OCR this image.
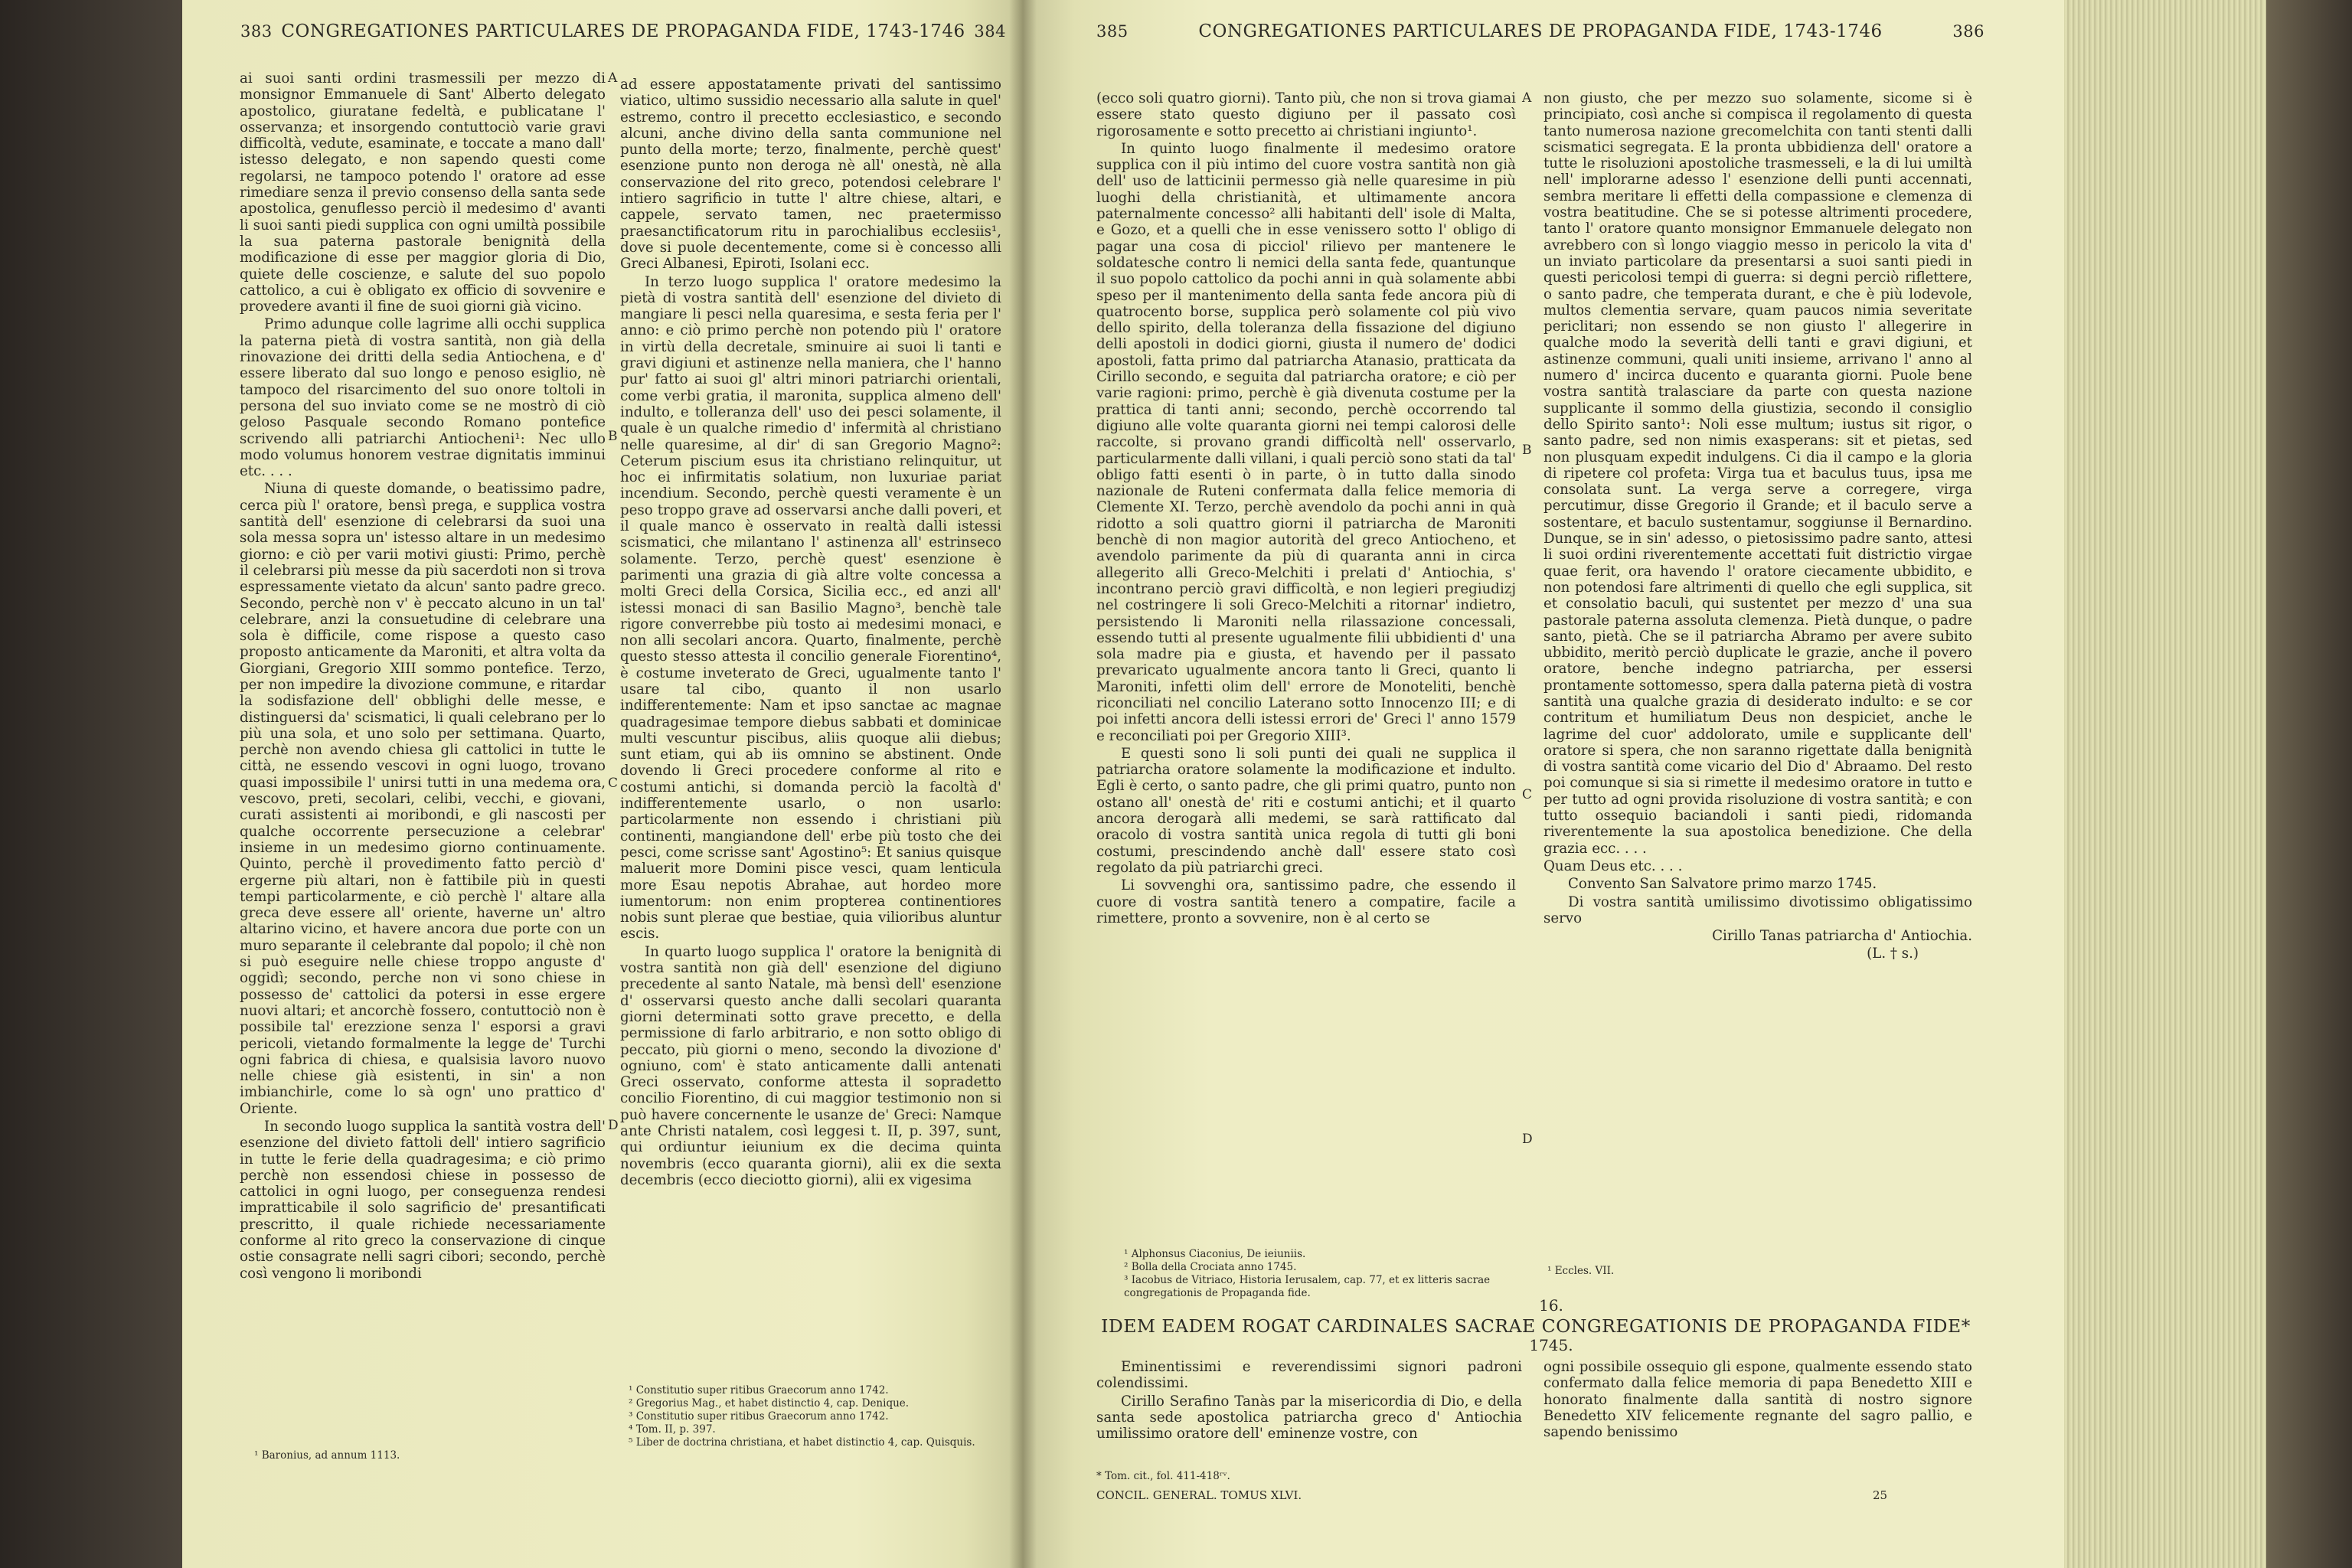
383 CONGREGATIONES PARTICULARES DE PROPAGANDA FIDE, 1743-1746 384

ai suoi santi ordini trasmessili per mezzo di monsignor Emmanuele di Sant' Alberto delegato apostolico, giuratane fedeltà, e publicatane l' osservanza; et insorgendo contuttociò varie gravi difficoltà, vedute, esaminate, e toccate a mano dall' istesso delegato, e non sapendo questi come regolarsi, ne tampoco potendo l' oratore ad esse rimediare senza il previo consenso della santa sede apostolica, genuflesso perciò il medesimo d' avanti li suoi santi piedi supplica con ogni umiltà possibile la sua paterna pastorale benignità della modificazione di esse per maggior gloria di Dio, quiete delle coscienze, e salute del suo popolo cattolico, a cui è obligato ex officio di sovvenire e provedere avanti il fine de suoi giorni già vicino.

Primo adunque colle lagrime alli occhi supplica la paterna pietà di vostra santità, non già della rinovazione dei dritti della sedia Antiochena, e d' essere liberato dal suo longo e penoso esiglio, nè tampoco del risarcimento del suo onore toltoli in persona del suo inviato come se ne mostrò di ciò geloso Pasquale secondo Romano pontefice scrivendo alli patriarchi Antiocheni¹: Nec ullo modo volumus honorem vestrae dignitatis imminui etc. . . .

Niuna di queste domande, o beatissimo padre, cerca più l' oratore, bensì prega, e supplica vostra santità dell' esenzione di celebrarsi da suoi una sola messa sopra un' istesso altare in un medesimo giorno: e ciò per varii motivi giusti: Primo, perchè il celebrarsi più messe da più sacerdoti non si trova espressamente vietato da alcun' santo padre greco. Secondo, perchè non v' è peccato alcuno in un tal' celebrare, anzi la consuetudine di celebrare una sola è difficile, come rispose a questo caso proposto anticamente da Maroniti, et altra volta da Giorgiani, Gregorio XIII sommo pontefice. Terzo, per non impedire la divozione commune, e ritardar la sodisfazione dell' obblighi delle messe, e distinguersi da' scismatici, li quali celebrano per lo più una sola, et uno solo per settimana. Quarto, perchè non avendo chiesa gli cattolici in tutte le città, ne essendo vescovi in ogni luogo, trovano quasi impossibile l' unirsi tutti in una medema ora, vescovo, preti, secolari, celibi, vecchi, e giovani, curati assistenti ai moribondi, e gli nascosti per qualche occorrente persecuzione a celebrar' insieme in un medesimo giorno continuamente. Quinto, perchè il provedimento fatto perciò d' ergerne più altari, non è fattibile più in questi tempi particolarmente, e ciò perchè l' altare alla greca deve essere all' oriente, haverne un' altro altarino vicino, et havere ancora due porte con un muro separante il celebrante dal popolo; il chè non si può eseguire nelle chiese troppo anguste d' oggidì; secondo, perche non vi sono chiese in possesso de' cattolici da potersi in esse ergere nuovi altari; et ancorchè fossero, contuttociò non è possibile tal' erezzione senza l' esporsi a gravi pericoli, vietando formalmente la legge de' Turchi ogni fabrica di chiesa, e qualsisia lavoro nuovo nelle chiese già esistenti, in sin' a non imbianchirle, come lo sà ogn' uno prattico d' Oriente.

In secondo luogo supplica la santità vostra dell' esenzione del divieto fattoli dell' intiero sagrificio in tutte le ferie della quadragesima; e ciò primo perchè non essendosi chiese in possesso de cattolici in ogni luogo, per conseguenza rendesi impratticabile il solo sagrificio de' presantificati prescritto, il quale richiede necessariamente conforme al rito greco la conservazione di cinque ostie consagrate nelli sagri cibori; secondo, perchè così vengono li moribondi

A
B
C
D

ad essere appostatamente privati del santissimo viatico, ultimo sussidio necessario alla salute in quel' estremo, contro il precetto ecclesiastico, e secondo alcuni, anche divino della santa communione nel punto della morte; terzo, finalmente, perchè quest' esenzione punto non deroga nè all' onestà, nè alla conservazione del rito greco, potendosi celebrare l' intiero sagrificio in tutte l' altre chiese, altari, e cappele, servato tamen, nec praetermisso praesanctificatorum ritu in parochialibus ecclesiis¹, dove si puole decentemente, come si è concesso alli Greci Albanesi, Epiroti, Isolani ecc.

In terzo luogo supplica l' oratore medesimo la pietà di vostra santità dell' esenzione del divieto di mangiare li pesci nella quaresima, e sesta feria per l' anno: e ciò primo perchè non potendo più l' oratore in virtù della decretale, sminuire ai suoi li tanti e gravi digiuni et astinenze nella maniera, che l' hanno pur' fatto ai suoi gl' altri minori patriarchi orientali, come verbi gratia, il maronita, supplica almeno dell' indulto, e tolleranza dell' uso dei pesci solamente, il quale è un qualche rimedio d' infermità al christiano nelle quaresime, al dir' di san Gregorio Magno²: Ceterum piscium esus ita christiano relinquitur, ut hoc ei infirmitatis solatium, non luxuriae pariat incendium. Secondo, perchè questi veramente è un peso troppo grave ad osservarsi anche dalli poveri, et il quale manco è osservato in realtà dalli istessi scismatici, che milantano l' astinenza all' estrinseco solamente. Terzo, perchè quest' esenzione è parimenti una grazia di già altre volte concessa a molti Greci della Corsica, Sicilia ecc., ed anzi all' istessi monaci di san Basilio Magno³, benchè tale rigore converrebbe più tosto ai medesimi monaci, e non alli secolari ancora. Quarto, finalmente, perchè questo stesso attesta il concilio generale Fiorentino⁴, è costume inveterato de Greci, ugualmente tanto l' usare tal cibo, quanto il non usarlo indifferentemente: Nam et ipso sanctae ac magnae quadragesimae tempore diebus sabbati et dominicae multi vescuntur piscibus, aliis quoque alii diebus; sunt etiam, qui ab iis omnino se abstinent. Onde dovendo li Greci procedere conforme al rito e costumi antichi, si domanda perciò la facoltà d' indifferentemente usarlo, o non usarlo: particolarmente non essendo i christiani più continenti, mangiandone dell' erbe più tosto che dei pesci, come scrisse sant' Agostino⁵: Et sanius quisque maluerit more Domini pisce vesci, quam lenticula more Esau nepotis Abrahae, aut hordeo more iumentorum: non enim propterea continentiores nobis sunt plerae que bestiae, quia vilioribus aluntur escis.

In quarto luogo supplica l' oratore la benignità di vostra santità non già dell' esenzione del digiuno precedente al santo Natale, mà bensì dell' esenzione d' osservarsi questo anche dalli secolari quaranta giorni determinati sotto grave precetto, e della permissione di farlo arbitrario, e non sotto obligo di peccato, più giorni o meno, secondo la divozione d' ogniuno, com' è stato anticamente dalli antenati Greci osservato, conforme attesta il sopradetto concilio Fiorentino, di cui maggior testimonio non si può havere concernente le usanze de' Greci: Namque ante Christi natalem, così leggesi t. II, p. 397, sunt, qui ordiuntur ieiunium ex die decima quinta novembris (ecco quaranta giorni), alii ex die sexta decembris (ecco dieciotto giorni), alii ex vigesima

¹ Baronius, ad annum 1113.
¹ Constitutio super ritibus Graecorum anno 1742.
² Gregorius Mag., et habet distinctio 4, cap. Denique.
³ Constitutio super ritibus Graecorum anno 1742.
⁴ Tom. II, p. 397.
⁵ Liber de doctrina christiana, et habet distinctio 4, cap. Quisquis.
385	CONGREGATIONES PARTICULARES DE PROPAGANDA FIDE, 1743-1746	386

(ecco soli quatro giorni). Tanto più, che non si trova giamai essere stato questo digiuno per il passato così rigorosamente e sotto precetto ai christiani ingiunto¹.

In quinto luogo finalmente il medesimo oratore supplica con il più intimo del cuore vostra santità non già dell' uso de latticinii permesso già nelle quaresime in più luoghi della christianità, et ultimamente ancora paternalmente concesso² alli habitanti dell' isole di Malta, e Gozo, et a quelli che in esse venissero sotto l' obligo di pagar una cosa di picciol' rilievo per mantenere le soldatesche contro li nemici della santa fede, quantunque il suo popolo cattolico da pochi anni in quà solamente abbi speso per il mantenimento della santa fede ancora più di quatrocento borse, supplica però solamente col più vivo dello spirito, della toleranza della fissazione del digiuno delli apostoli in dodici giorni, giusta il numero de' dodici apostoli, fatta primo dal patriarcha Atanasio, pratticata da Cirillo secondo, e seguita dal patriarcha oratore; e ciò per varie ragioni: primo, perchè è già divenuta costume per la prattica di tanti anni; secondo, perchè occorrendo tal digiuno alle volte quaranta giorni nei tempi calorosi delle raccolte, si provano grandi difficoltà nell' osservarlo, particularmente dalli villani, i quali perciò sono stati da tal' obligo fatti esenti ò in parte, ò in tutto dalla sinodo nazionale de Ruteni confermata dalla felice memoria di Clemente XI. Terzo, perchè avendolo da pochi anni in quà ridotto a soli quattro giorni il patriarcha de Maroniti benchè di non magior autorità del greco Antiocheno, et avendolo parimente da più di quaranta anni in circa allegerito alli Greco-Melchiti i prelati d' Antiochia, s' incontrano perciò gravi difficoltà, e non legieri pregiudizj nel costringere li soli Greco-Melchiti a ritornar' indietro, persistendo li Maroniti nella rilassazione concessali, essendo tutti al presente ugualmente filii ubbidienti d' una sola madre pia e giusta, et havendo per il passato prevaricato ugualmente ancora tanto li Greci, quanto li Maroniti, infetti olim dell' errore de Monoteliti, benchè riconciliati nel concilio Laterano sotto Innocenzo III; e di poi infetti ancora delli istessi errori de' Greci l' anno 1579 e reconciliati poi per Gregorio XIII³.

E questi sono li soli punti dei quali ne supplica il patriarcha oratore solamente la modificazione et indulto. Egli è certo, o santo padre, che gli primi quatro, punto non ostano all' onestà de' riti e costumi antichi; et il quarto ancora derogarà alli medemi, se sarà rattificato dal oracolo di vostra santità unica regola di tutti gli boni costumi, prescindendo anchè dall' essere stato così regolato da più patriarchi greci.

Li sovvenghi ora, santissimo padre, che essendo il cuore di vostra santità tenero a compatire, facile a rimettere, pronto a sovvenire, non è al certo se

A
B
C
D

non giusto, che per mezzo suo solamente, sicome si è principiato, così anche si compisca il regolamento di questa tanto numerosa nazione grecomelchita con tanti stenti dalli scismatici segregata. E la pronta ubbidienza dell' oratore a tutte le risoluzioni apostoliche trasmesseli, e la di lui umiltà nell' implorarne adesso l' esenzione delli punti accennati, sembra meritare li effetti della compassione e clemenza di vostra beatitudine. Che se si potesse altrimenti procedere, tanto l' oratore quanto monsignor Emmanuele delegato non avrebbero con sì longo viaggio messo in pericolo la vita d' un inviato particolare da presentarsi a suoi santi piedi in questi pericolosi tempi di guerra: si degni perciò riflettere, o santo padre, che temperata durant, e che è più lodevole, multos clementia servare, quam paucos nimia severitate periclitari; non essendo se non giusto l' allegerire in qualche modo la severità delli tanti e gravi digiuni, et astinenze communi, quali uniti insieme, arrivano l' anno al numero d' incirca ducento e quaranta giorni. Puole bene vostra santità tralasciare da parte con questa nazione supplicante il sommo della giustizia, secondo il consiglio dello Spirito santo¹: Noli esse multum; iustus sit rigor, o santo padre, sed non nimis exasperans: sit et pietas, sed non plusquam expedit indulgens. Ci dia il campo e la gloria di ripetere col profeta: Virga tua et baculus tuus, ipsa me consolata sunt. La verga serve a corregere, virga percutimur, disse Gregorio il Grande; et il baculo serve a sostentare, et baculo sustentamur, soggiunse il Bernardino. Dunque, se in sin' adesso, o pietosissimo padre santo, attesi li suoi ordini riverentemente accettati fuit districtio virgae quae ferit, ora havendo l' oratore ciecamente ubbidito, e non potendosi fare altrimenti di quello che egli supplica, sit et consolatio baculi, qui sustentet per mezzo d' una sua pastorale paterna assoluta clemenza. Pietà dunque, o padre santo, pietà. Che se il patriarcha Abramo per avere subito ubbidito, meritò perciò duplicate le grazie, anche il povero oratore, benche indegno patriarcha, per essersi prontamente sottomesso, spera dalla paterna pietà di vostra santità una qualche grazia di desiderato indulto: e se cor contritum et humiliatum Deus non despiciet, anche le lagrime del cuor' addolorato, umile e supplicante dell' oratore si spera, che non saranno rigettate dalla benignità di vostra santità come vicario del Dio d' Abraamo. Del resto poi comunque si sia si rimette il medesimo oratore in tutto e per tutto ad ogni provida risoluzione di vostra santità; e con tutto ossequio baciandoli i santi piedi, ridomanda riverentemente la sua apostolica benedizione. Che della grazia ecc. . . .

Quam Deus etc. . . .

Convento San Salvatore primo marzo 1745.

Di vostra santità umilissimo divotissimo obligatissimo servo

Cirillo Tanas patriarcha d' Antiochia.

(L. † s.)

¹ Alphonsus Ciaconius, De ieiuniis.
² Bolla della Crociata anno 1745.
³ Iacobus de Vitriaco, Historia Ierusalem, cap. 77, et ex litteris sacrae congregationis de Propaganda fide.
¹ Eccles. VII.
16.
IDEM EADEM ROGAT CARDINALES SACRAE CONGREGATIONIS DE PROPAGANDA FIDE*
1745.

Eminentissimi e reverendissimi signori padroni colendissimi.

Cirillo Serafino Tanàs par la misericordia di Dio, e della santa sede apostolica patriarcha greco d' Antiochia umilissimo oratore dell' eminenze vostre, con

ogni possibile ossequio gli espone, qualmente essendo stato confermato dalla felice memoria di papa Benedetto XIII e honorato finalmente dalla santità di nostro signore Benedetto XIV felicemente regnante del sagro pallio, e sapendo benissimo

* Tom. cit., fol. 411-418ʳᵛ.
CONCIL. GENERAL. TOMUS XLVI.	25
